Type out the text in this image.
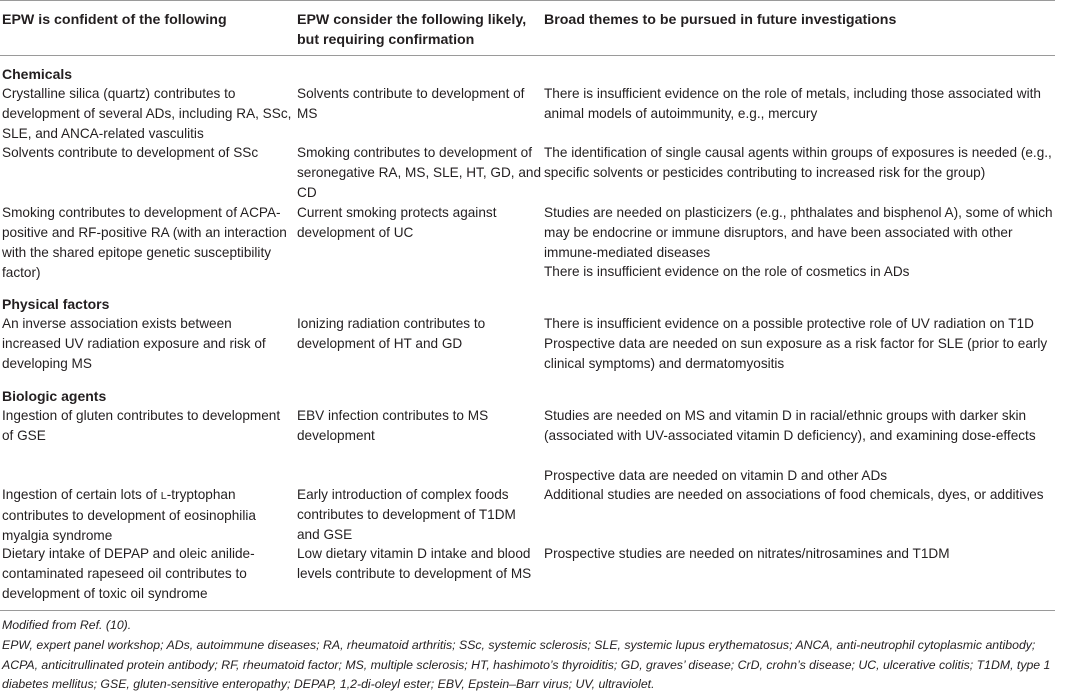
EPW is confident of the following	EPW consider the following likely, but requiring confirmation
Broad themes to be pursued in future investigations
Chemicals
Crystalline silica (quartz) contributes to development of several ADs, including RA, SSc, SLE, and ANCA-related vasculitis
Solvents contribute to development of MS
There is insufficient evidence on the role of metals, including those associated with animal models of autoimmunity, e.g., mercury
Solvents contribute to development of SSc	Smoking contributes to development of seronegative RA, MS, SLE, HT, GD, and CD
The identification of single causal agents within groups of exposures is needed (e.g., specific solvents or pesticides contributing to increased risk for the group)
Smoking contributes to development of ACPA-positive and RF-positive RA (with an interaction with the shared epitope genetic susceptibility factor)
Current smoking protects against development of UC
Studies are needed on plasticizers (e.g., phthalates and bisphenol A), some of which may be endocrine or immune disruptors, and have been associated with other immune-mediated diseases
There is insufficient evidence on the role of cosmetics in ADs
Physical factors
An inverse association exists between increased UV radiation exposure and risk of developing MS
Ionizing radiation contributes to development of HT and GD
There is insufficient evidence on a possible protective role of UV radiation on T1D
Prospective data are needed on sun exposure as a risk factor for SLE (prior to early clinical symptoms) and dermatomyositis
Biologic agents
Ingestion of gluten contributes to development of GSE
EBV infection contributes to MS development
Studies are needed on MS and vitamin D in racial/ethnic groups with darker skin (associated with UV-associated vitamin D deficiency), and examining dose-effects
Prospective data are needed on vitamin D and other ADs
Ingestion of certain lots of L-tryptophan contributes to development of eosinophilia myalgia syndrome
Early introduction of complex foods contributes to development of T1DM and GSE
Additional studies are needed on associations of food chemicals, dyes, or additives
Dietary intake of DEPAP and oleic anilide-contaminated rapeseed oil contributes to development of toxic oil syndrome
Low dietary vitamin D intake and blood levels contribute to development of MS
Prospective studies are needed on nitrates/nitrosamines and T1DM
Modified from Ref. (10).
EPW, expert panel workshop; ADs, autoimmune diseases; RA, rheumatoid arthritis; SSc, systemic sclerosis; SLE, systemic lupus erythematosus; ANCA, anti-neutrophil cytoplasmic antibody; ACPA, anticitrullinated protein antibody; RF, rheumatoid factor; MS, multiple sclerosis; HT, hashimoto’s thyroiditis; GD, graves’ disease; CrD, crohn’s disease; UC, ulcerative colitis; T1DM, type 1 diabetes mellitus; GSE, gluten-sensitive enteropathy; DEPAP, 1,2-di-oleyl ester; EBV, Epstein–Barr virus; UV, ultraviolet.
